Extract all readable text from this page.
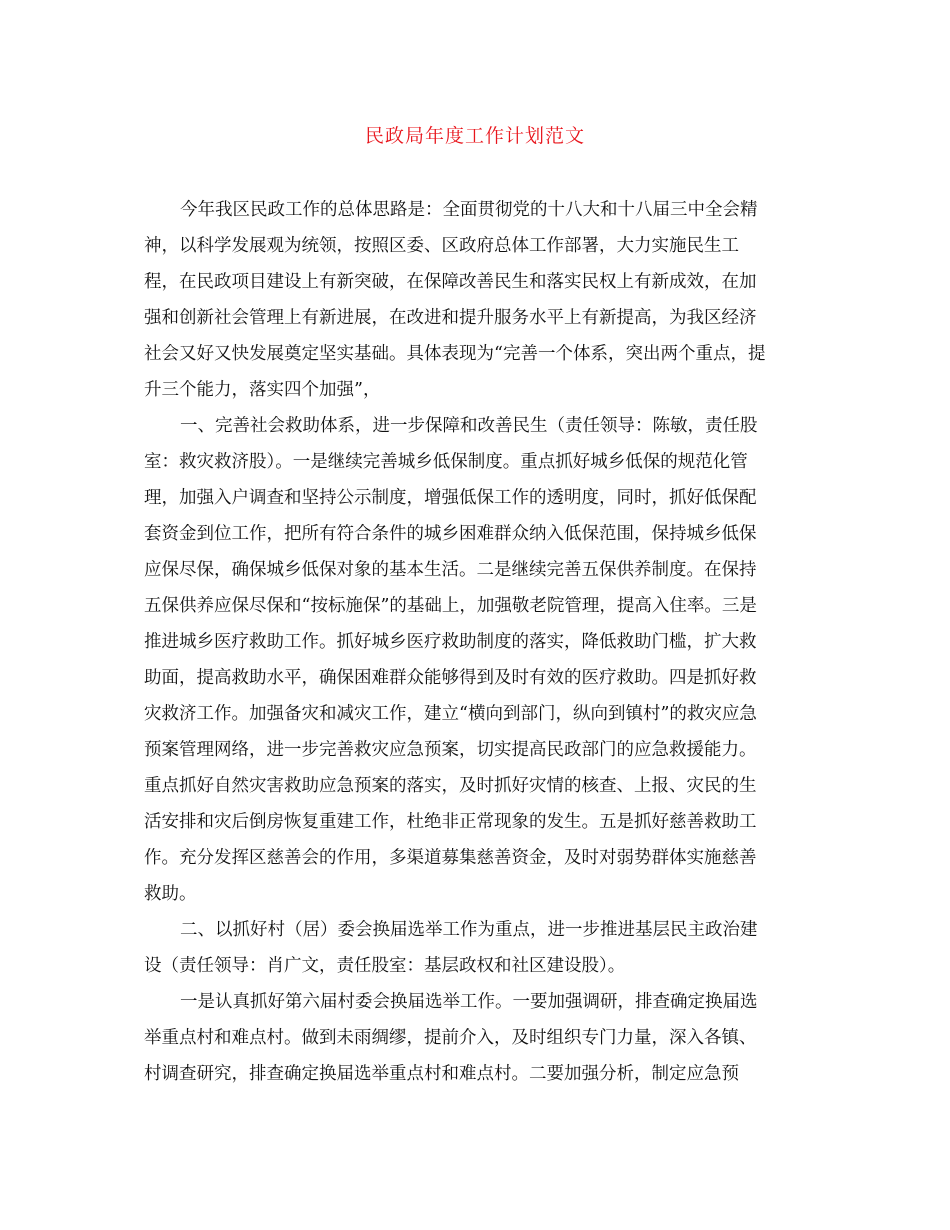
民政局年度工作计划范文
今年我区民政工作的总体思路是：全面贯彻党的十八大和十八届三中全会精
神，以科学发展观为统领，按照区委、区政府总体工作部署，大力实施民生工
程，在民政项目建设上有新突破，在保障改善民生和落实民权上有新成效，在加
强和创新社会管理上有新进展，在改进和提升服务水平上有新提高，为我区经济
社会又好又快发展奠定坚实基础。具体表现为“完善一个体系，突出两个重点，提
升三个能力，落实四个加强”，
一、完善社会救助体系，进一步保障和改善民生（责任领导：陈敏，责任股
室：救灾救济股）。一是继续完善城乡低保制度。重点抓好城乡低保的规范化管
理，加强入户调查和坚持公示制度，增强低保工作的透明度，同时，抓好低保配
套资金到位工作，把所有符合条件的城乡困难群众纳入低保范围，保持城乡低保
应保尽保，确保城乡低保对象的基本生活。二是继续完善五保供养制度。在保持
五保供养应保尽保和“按标施保”的基础上，加强敬老院管理，提高入住率。三是
推进城乡医疗救助工作。抓好城乡医疗救助制度的落实，降低救助门槛，扩大救
助面，提高救助水平，确保困难群众能够得到及时有效的医疗救助。四是抓好救
灾救济工作。加强备灾和减灾工作，建立“横向到部门，纵向到镇村”的救灾应急
预案管理网络，进一步完善救灾应急预案，切实提高民政部门的应急救援能力。
重点抓好自然灾害救助应急预案的落实，及时抓好灾情的核查、上报、灾民的生
活安排和灾后倒房恢复重建工作，杜绝非正常现象的发生。五是抓好慈善救助工
作。充分发挥区慈善会的作用，多渠道募集慈善资金，及时对弱势群体实施慈善
救助。
二、以抓好村（居）委会换届选举工作为重点，进一步推进基层民主政治建
设（责任领导：肖广文，责任股室：基层政权和社区建设股）。
一是认真抓好第六届村委会换届选举工作。一要加强调研，排查确定换届选
举重点村和难点村。做到未雨绸缪，提前介入，及时组织专门力量，深入各镇、
村调查研究，排查确定换届选举重点村和难点村。二要加强分析，制定应急预
